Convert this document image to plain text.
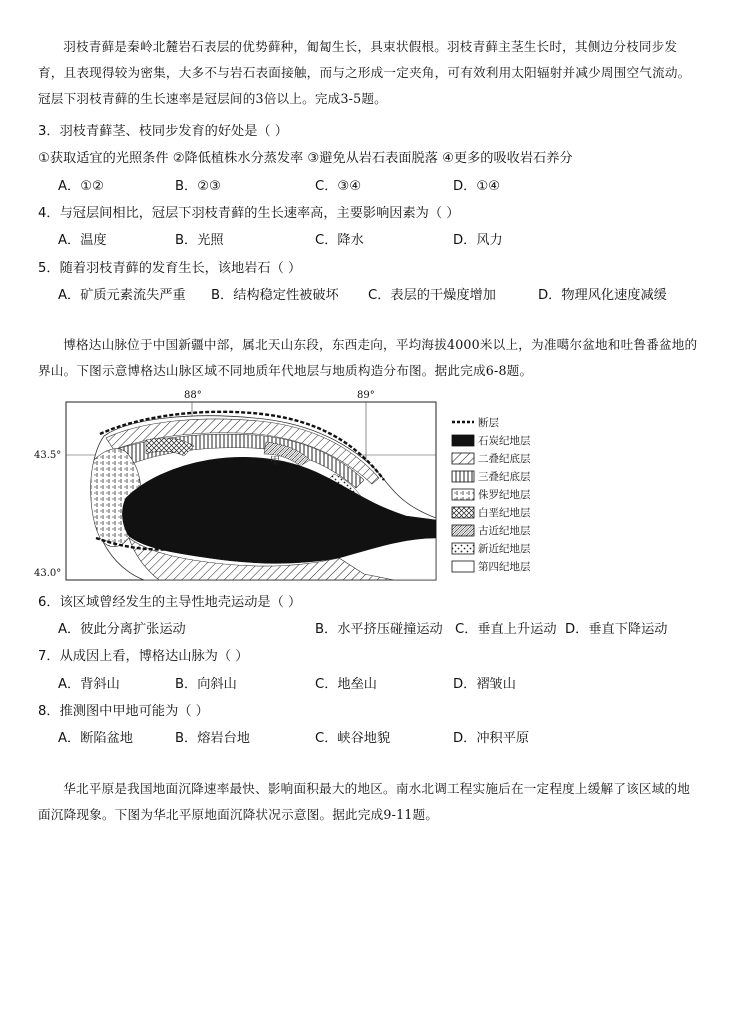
羽枝青藓是秦岭北麓岩石表层的优势藓种，匍匐生长，具束状假根。羽枝青藓主茎生长时，其侧边分枝同步发育，且表现得较为密集，大多不与岩石表面接触，而与之形成一定夹角，可有效利用太阳辐射并减少周围空气流动。冠层下羽枝青藓的生长速率是冠层间的3倍以上。完成3-5题。
3．羽枝青藓茎、枝同步发育的好处是（ ）
①获取适宜的光照条件 ②降低植株水分蒸发率 ③避免从岩石表面脱落 ④更多的吸收岩石养分
A．①②	B．②③	C．③④	D．①④
4．与冠层间相比，冠层下羽枝青藓的生长速率高，主要影响因素为（ ）
A．温度	B．光照	C．降水	D．风力
5．随着羽枝青藓的发育生长，该地岩石（ ）
A．矿质元素流失严重 B．结构稳定性被破坏 C．表层的干燥度增加	D．物理风化速度减缓
博格达山脉位于中国新疆中部，属北天山东段，东西走向，平均海拔4000米以上，为准噶尔盆地和吐鲁番盆地的界山。下图示意博格达山脉区域不同地质年代地层与地质构造分布图。据此完成6-8题。
甲
88°	89°
43.5°
43.0°
断层
石炭纪地层
二叠纪底层
三叠纪底层
侏罗纪地层
白垩纪地层
古近纪地层
新近纪地层
第四纪地层
6．该区域曾经发生的主导性地壳运动是（ ）
A．彼此分离扩张运动	B．水平挤压碰撞运动 C．垂直上升运动 D．垂直下降运动
7．从成因上看，博格达山脉为（ ）
A．背斜山	B．向斜山	C．地垒山	D．褶皱山
8．推测图中甲地可能为（ ）
A．断陷盆地	B．熔岩台地	C．峡谷地貌	D．冲积平原
华北平原是我国地面沉降速率最快、影响面积最大的地区。南水北调工程实施后在一定程度上缓解了该区域的地面沉降现象。下图为华北平原地面沉降状况示意图。据此完成9-11题。
